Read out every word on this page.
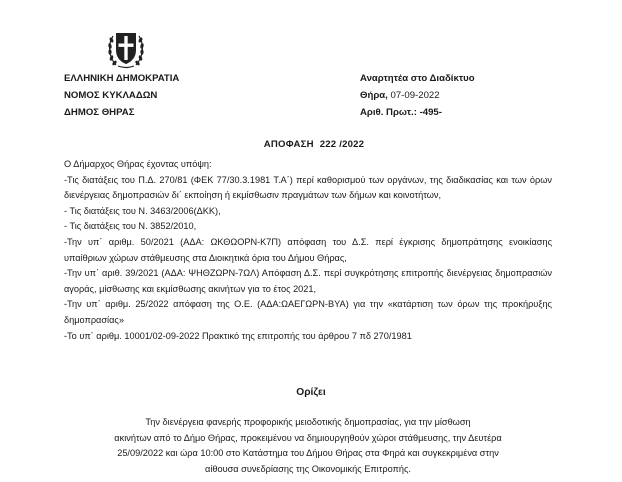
ΕΛΛΗΝΙΚΗ ΔΗΜΟΚΡΑΤΙΑ
ΝΟΜΟΣ ΚΥΚΛΑΔΩΝ
ΔΗΜΟΣ ΘΗΡΑΣ
Αναρτητέα στο Διαδίκτυο
Θήρα, 07-09-2022
Αριθ. Πρωτ.: -495-
ΑΠΟΦΑΣΗ 222 /2022

Ο Δήμαρχος Θήρας έχοντας υπόψη:

-Τις διατάξεις του Π.Δ. 270/81 (ΦΕΚ 77/30.3.1981 Τ.Α΄) περί καθορισμού των οργάνων, της διαδικασίας και των όρων διενέργειας δημοπρασιών δι΄ εκποίηση ή εκμίσθωσιν πραγμάτων των δήμων και κοινοτήτων,

- Τις διατάξεις του Ν. 3463/2006(ΔΚΚ),

- Τις διατάξεις του Ν. 3852/2010,

-Την υπ΄ αριθμ. 50/2021 (ΑΔΑ: ΩΚΘΩΟΡΝ-Κ7Π) απόφαση του Δ.Σ. περί έγκρισης δημοπράτησης ενοικίασης υπαίθριων χώρων στάθμευσης στα Διοικητικά όρια του Δήμου Θήρας,

-Την υπ΄ αριθ. 39/2021 (ΑΔΑ: ΨΗΘΖΩΡΝ-7ΩΛ) Απόφαση Δ.Σ. περί συγκρότησης επιτροπής διενέργειας δημοπρασιών αγοράς, μίσθωσης και εκμίσθωσης ακινήτων για το έτος 2021,

-Την υπ΄ αριθμ. 25/2022 απόφαση της Ο.Ε. (ΑΔΑ:ΩΑΕΓΩΡΝ-ΒΥΑ) για την «κατάρτιση των όρων της προκήρυξης δημοπρασίας»

-Το υπ΄ αριθμ. 10001/02-09-2022 Πρακτικό της επιτροπής του άρθρου 7 πδ 270/1981

Ορίζει
Την διενέργεια φανερής προφορικής μειοδοτικής δημοπρασίας, για την μίσθωση
ακινήτων από το Δήμο Θήρας, προκειμένου να δημιουργηθούν χώροι στάθμευσης, την Δευτέρα
25/09/2022 και ώρα 10:00 στο Κατάστημα του Δήμου Θήρας στα Φηρά και συγκεκριμένα στην
αίθουσα συνεδρίασης της Οικονομικής Επιτροπής.
